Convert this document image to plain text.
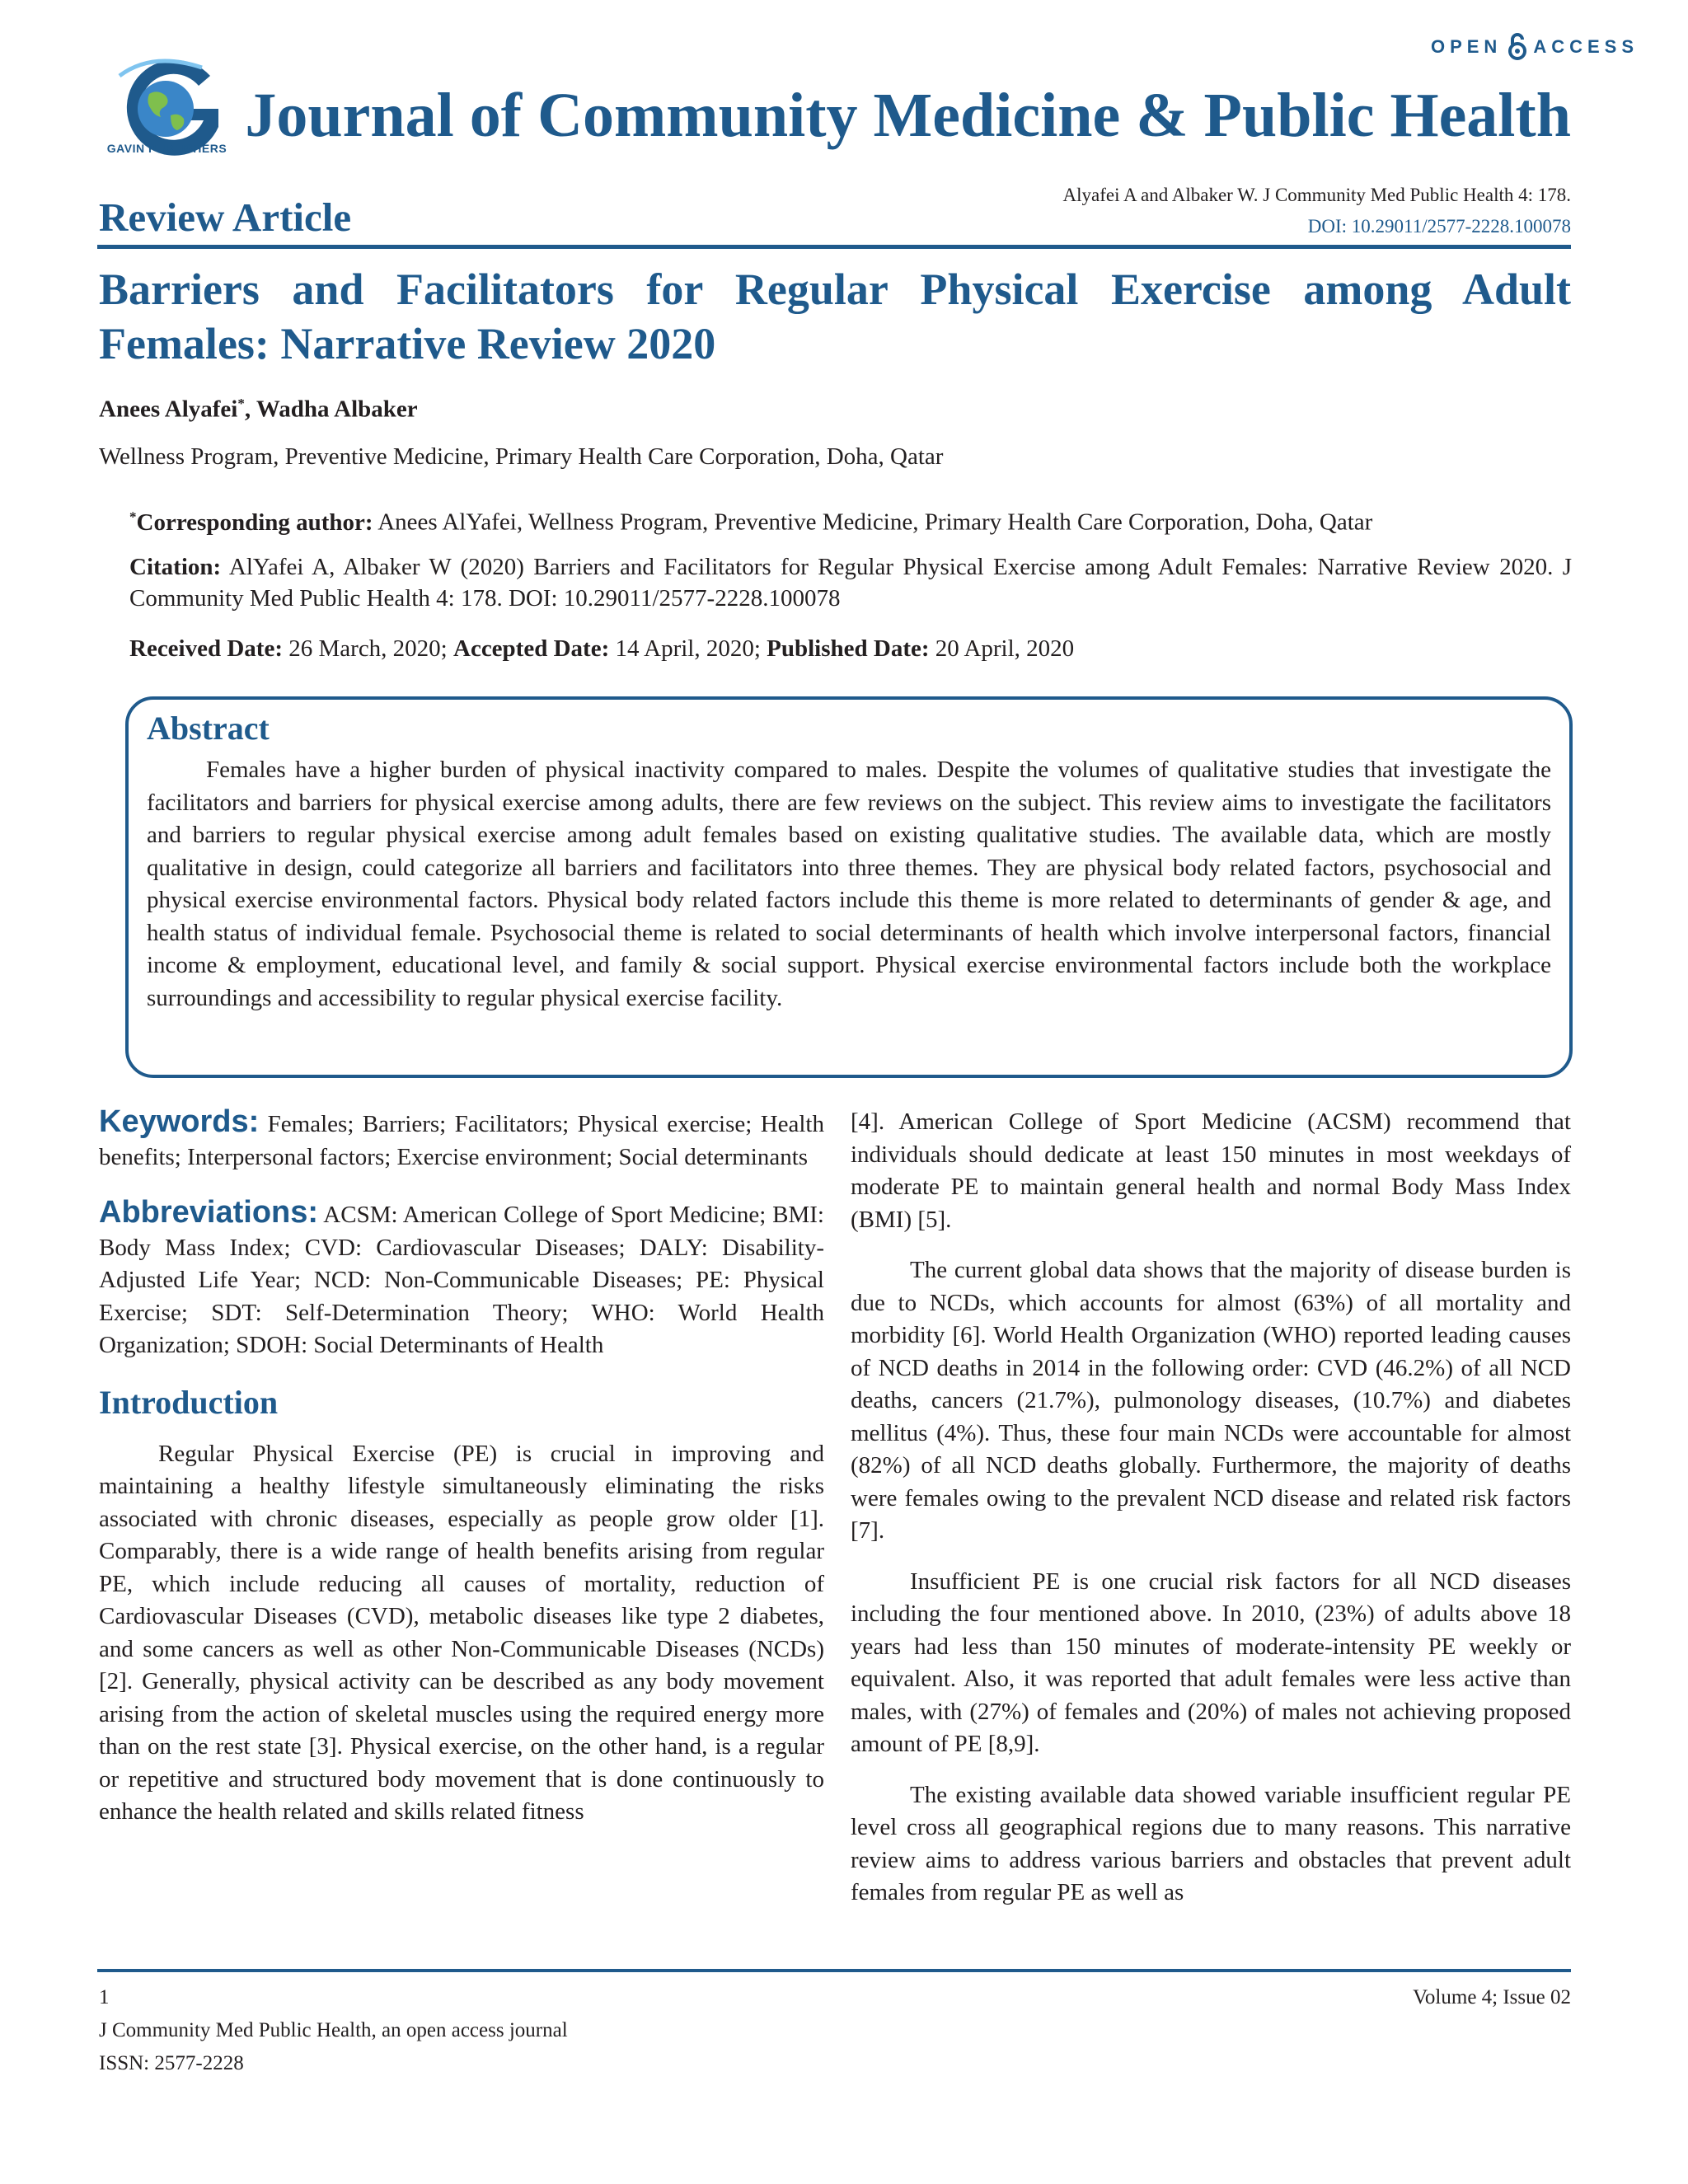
OPEN ACCESS
GAVIN PUBLISHERS Journal of Community Medicine & Public Health
Review Article	Alyafei A and Albaker W. J Community Med Public Health 4: 178.
DOI: 10.29011/2577-2228.100078
Barriers and Facilitators for Regular Physical Exercise among Adult Females: Narrative Review 2020
Anees Alyafei*, Wadha Albaker
Wellness Program, Preventive Medicine, Primary Health Care Corporation, Doha, Qatar
*Corresponding author: Anees AlYafei, Wellness Program, Preventive Medicine, Primary Health Care Corporation, Doha, Qatar
Citation: AlYafei A, Albaker W (2020) Barriers and Facilitators for Regular Physical Exercise among Adult Females: Narrative Review 2020. J Community Med Public Health 4: 178. DOI: 10.29011/2577-2228.100078
Received Date: 26 March, 2020; Accepted Date: 14 April, 2020; Published Date: 20 April, 2020
Abstract

Females have a higher burden of physical inactivity compared to males. Despite the volumes of qualitative studies that investigate the facilitators and barriers for physical exercise among adults, there are few reviews on the subject. This review aims to investigate the facilitators and barriers to regular physical exercise among adult females based on existing qualitative studies. The available data, which are mostly qualitative in design, could categorize all barriers and facilitators into three themes. They are physical body related factors, psychosocial and physical exercise environmental factors. Physical body related factors include this theme is more related to determinants of gender & age, and health status of individual female. Psychosocial theme is related to social determinants of health which involve interpersonal factors, financial income & employment, educational level, and family & social support. Physical exercise environmental factors include both the workplace surroundings and accessibility to regular physical exercise facility.

Keywords: Females; Barriers; Facilitators; Physical exercise; Health benefits; Interpersonal factors; Exercise environment; Social determinants
Abbreviations: ACSM: American College of Sport Medicine; BMI: Body Mass Index; CVD: Cardiovascular Diseases; DALY: Disability-Adjusted Life Year; NCD: Non-Communicable Diseases; PE: Physical Exercise; SDT: Self-Determination Theory; WHO: World Health Organization; SDOH: Social Determinants of Health
Introduction

Regular Physical Exercise (PE) is crucial in improving and maintaining a healthy lifestyle simultaneously eliminating the risks associated with chronic diseases, especially as people grow older [1]. Comparably, there is a wide range of health benefits arising from regular PE, which include reducing all causes of mortality, reduction of Cardiovascular Diseases (CVD), metabolic diseases like type 2 diabetes, and some cancers as well as other Non-Communicable Diseases (NCDs) [2]. Generally, physical activity can be described as any body movement arising from the action of skeletal muscles using the required energy more than on the rest state [3]. Physical exercise, on the other hand, is a regular or repetitive and structured body movement that is done continuously to enhance the health related and skills related fitness

[4]. American College of Sport Medicine (ACSM) recommend that individuals should dedicate at least 150 minutes in most weekdays of moderate PE to maintain general health and normal Body Mass Index (BMI) [5].

The current global data shows that the majority of disease burden is due to NCDs, which accounts for almost (63%) of all mortality and morbidity [6]. World Health Organization (WHO) reported leading causes of NCD deaths in 2014 in the following order: CVD (46.2%) of all NCD deaths, cancers (21.7%), pulmonology diseases, (10.7%) and diabetes mellitus (4%). Thus, these four main NCDs were accountable for almost (82%) of all NCD deaths globally. Furthermore, the majority of deaths were females owing to the prevalent NCD disease and related risk factors [7].

Insufficient PE is one crucial risk factors for all NCD diseases including the four mentioned above. In 2010, (23%) of adults above 18 years had less than 150 minutes of moderate-intensity PE weekly or equivalent. Also, it was reported that adult females were less active than males, with (27%) of females and (20%) of males not achieving proposed amount of PE [8,9].

The existing available data showed variable insufficient regular PE level cross all geographical regions due to many reasons. This narrative review aims to address various barriers and obstacles that prevent adult females from regular PE as well as

1
J Community Med Public Health, an open access journal
ISSN: 2577-2228
Volume 4; Issue 02
